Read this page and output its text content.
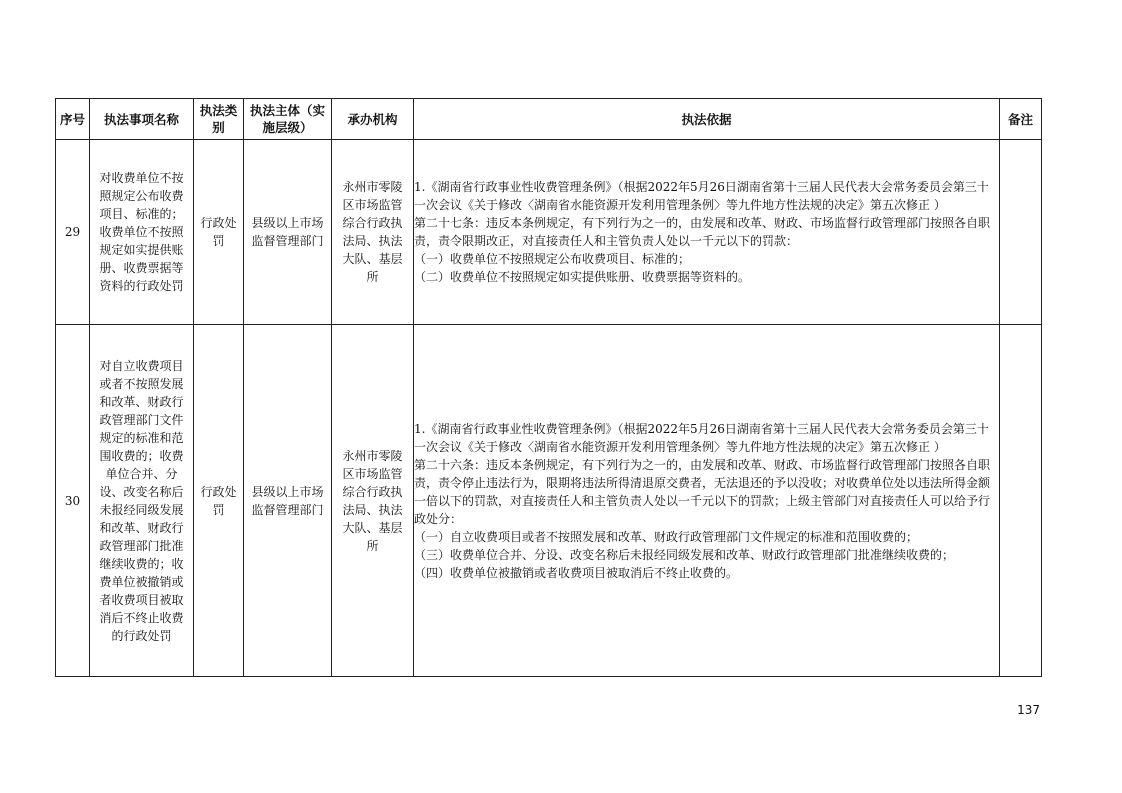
序号	执法事项名称	执法类别	执法主体（实施层级）	承办机构	执法依据	备注
29	对收费单位不按照规定公布收费项目、标准的；收费单位不按照规定如实提供账册、收费票据等资料的行政处罚	行政处罚	县级以上市场监督管理部门	永州市零陵区市场监管综合行政执法局、执法大队、基层所	1.《湖南省行政事业性收费管理条例》（根据2022年5月26日湖南省第十三届人民代表大会常务委员会第三十一次会议《关于修改〈湖南省水能资源开发利用管理条例〉等九件地方性法规的决定》第五次修正 ）
第二十七条：违反本条例规定，有下列行为之一的，由发展和改革、财政、市场监督行政管理部门按照各自职责，责令限期改正，对直接责任人和主管负责人处以一千元以下的罚款：
（一）收费单位不按照规定公布收费项目、标准的；
（二）收费单位不按照规定如实提供账册、收费票据等资料的。	

30	对自立收费项目或者不按照发展和改革、财政行政管理部门文件规定的标准和范围收费的；收费单位合并、分设、改变名称后未报经同级发展和改革、财政行政管理部门批准继续收费的；收费单位被撤销或者收费项目被取消后不终止收费的行政处罚	行政处罚	县级以上市场监督管理部门	永州市零陵区市场监管综合行政执法局、执法大队、基层所	1.《湖南省行政事业性收费管理条例》（根据2022年5月26日湖南省第十三届人民代表大会常务委员会第三十一次会议《关于修改〈湖南省水能资源开发利用管理条例〉等九件地方性法规的决定》第五次修正 ）
第二十六条：违反本条例规定，有下列行为之一的，由发展和改革、财政、市场监督行政管理部门按照各自职责，责令停止违法行为，限期将违法所得清退原交费者，无法退还的予以没收；对收费单位处以违法所得金额一倍以下的罚款，对直接责任人和主管负责人处以一千元以下的罚款；上级主管部门对直接责任人可以给予行政处分：
（一）自立收费项目或者不按照发展和改革、财政行政管理部门文件规定的标准和范围收费的；
（三）收费单位合并、分设、改变名称后未报经同级发展和改革、财政行政管理部门批准继续收费的；
（四）收费单位被撤销或者收费项目被取消后不终止收费的。	

137
